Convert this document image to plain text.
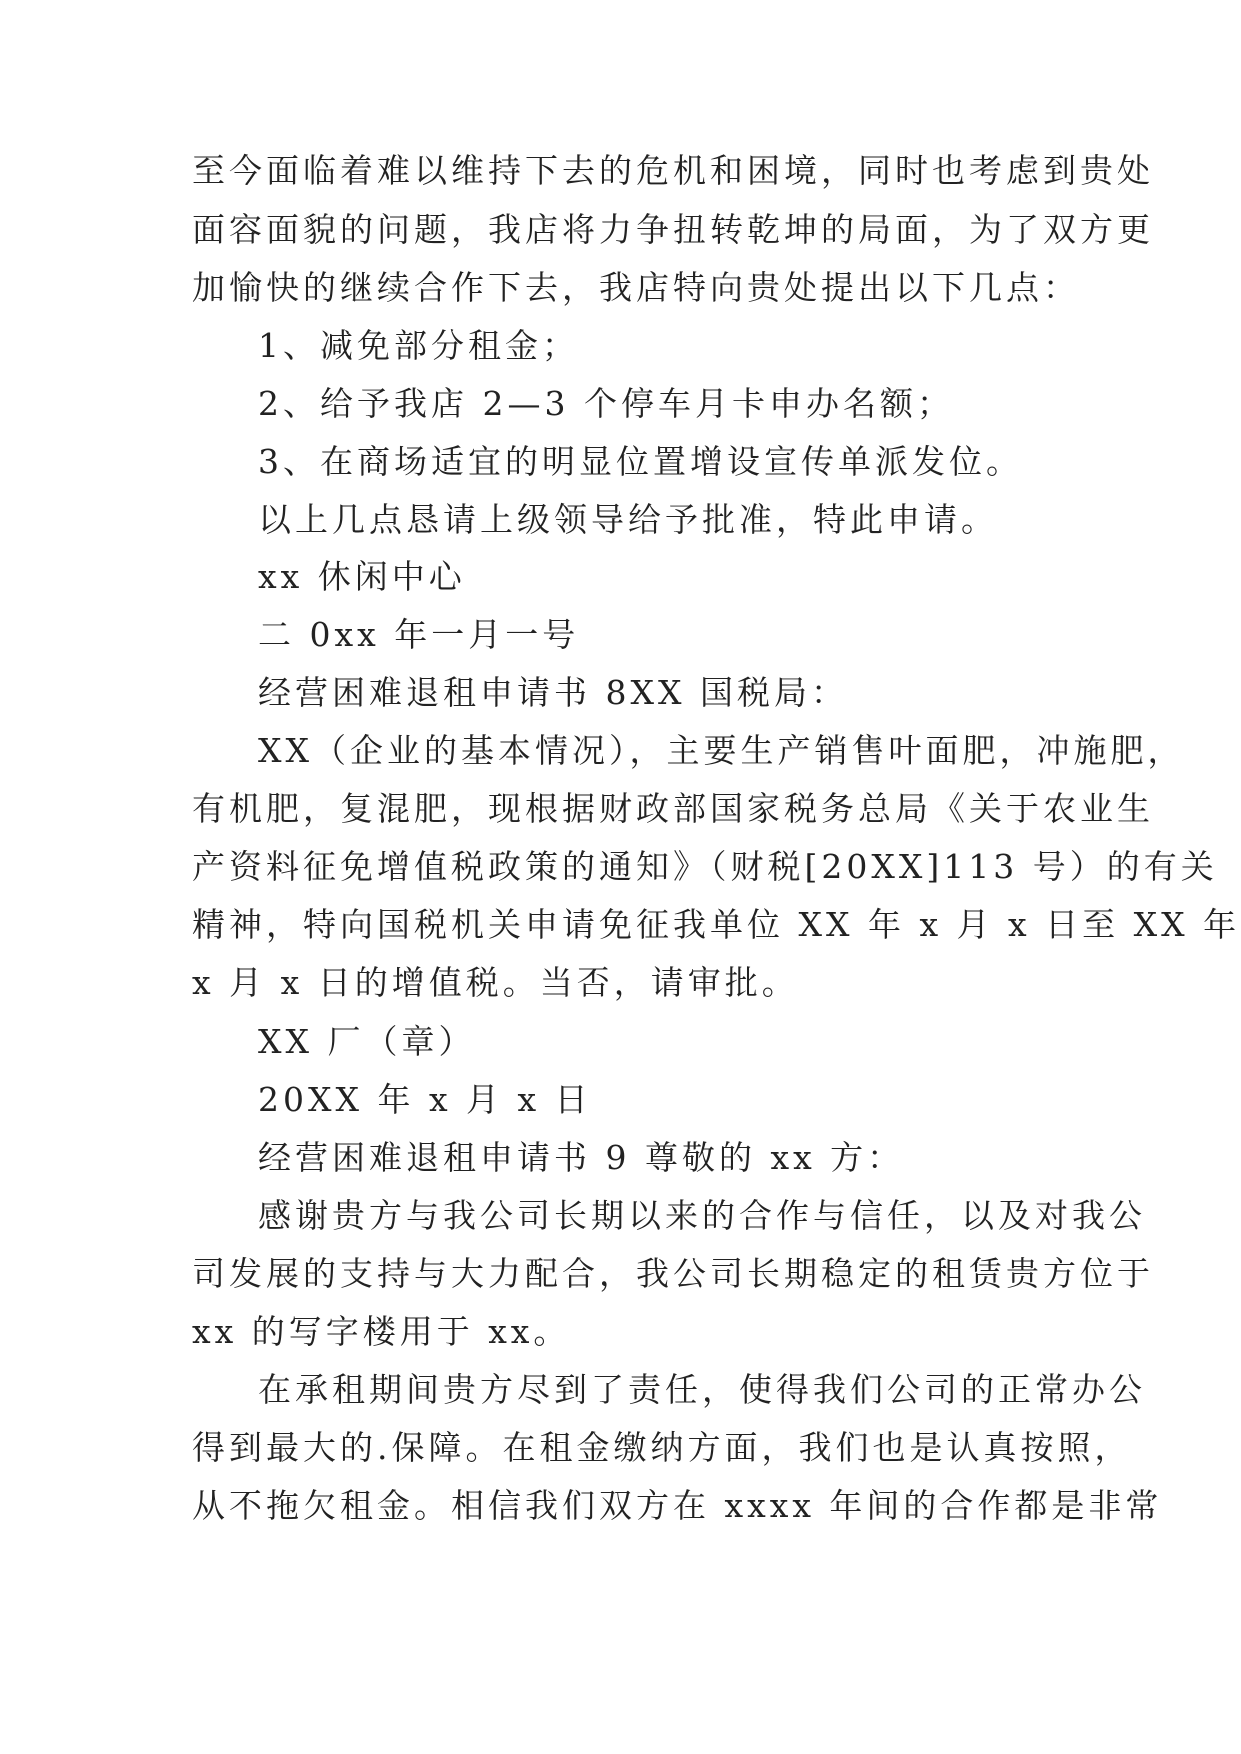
至今面临着难以维持下去的危机和困境，同时也考虑到贵处
面容面貌的问题，我店将力争扭转乾坤的局面，为了双方更
加愉快的继续合作下去，我店特向贵处提出以下几点：
1、减免部分租金；
2、给予我店 2—3 个停车月卡申办名额；
3、在商场适宜的明显位置增设宣传单派发位。
以上几点恳请上级领导给予批准，特此申请。
xx 休闲中心
二 0xx 年一月一号
经营困难退租申请书 8XX 国税局：
XX（企业的基本情况），主要生产销售叶面肥，冲施肥，
有机肥，复混肥，现根据财政部国家税务总局《关于农业生
产资料征免增值税政策的通知》（财税[20XX]113 号）的有关
精神，特向国税机关申请免征我单位 XX 年 x 月 x 日至 XX 年
x 月 x 日的增值税。当否，请审批。
XX 厂（章）
20XX 年 x 月 x 日
经营困难退租申请书 9 尊敬的 xx 方：
感谢贵方与我公司长期以来的合作与信任，以及对我公
司发展的支持与大力配合，我公司长期稳定的租赁贵方位于
xx 的写字楼用于 xx。
在承租期间贵方尽到了责任，使得我们公司的正常办公
得到最大的.保障。在租金缴纳方面，我们也是认真按照，
从不拖欠租金。相信我们双方在 xxxx 年间的合作都是非常
